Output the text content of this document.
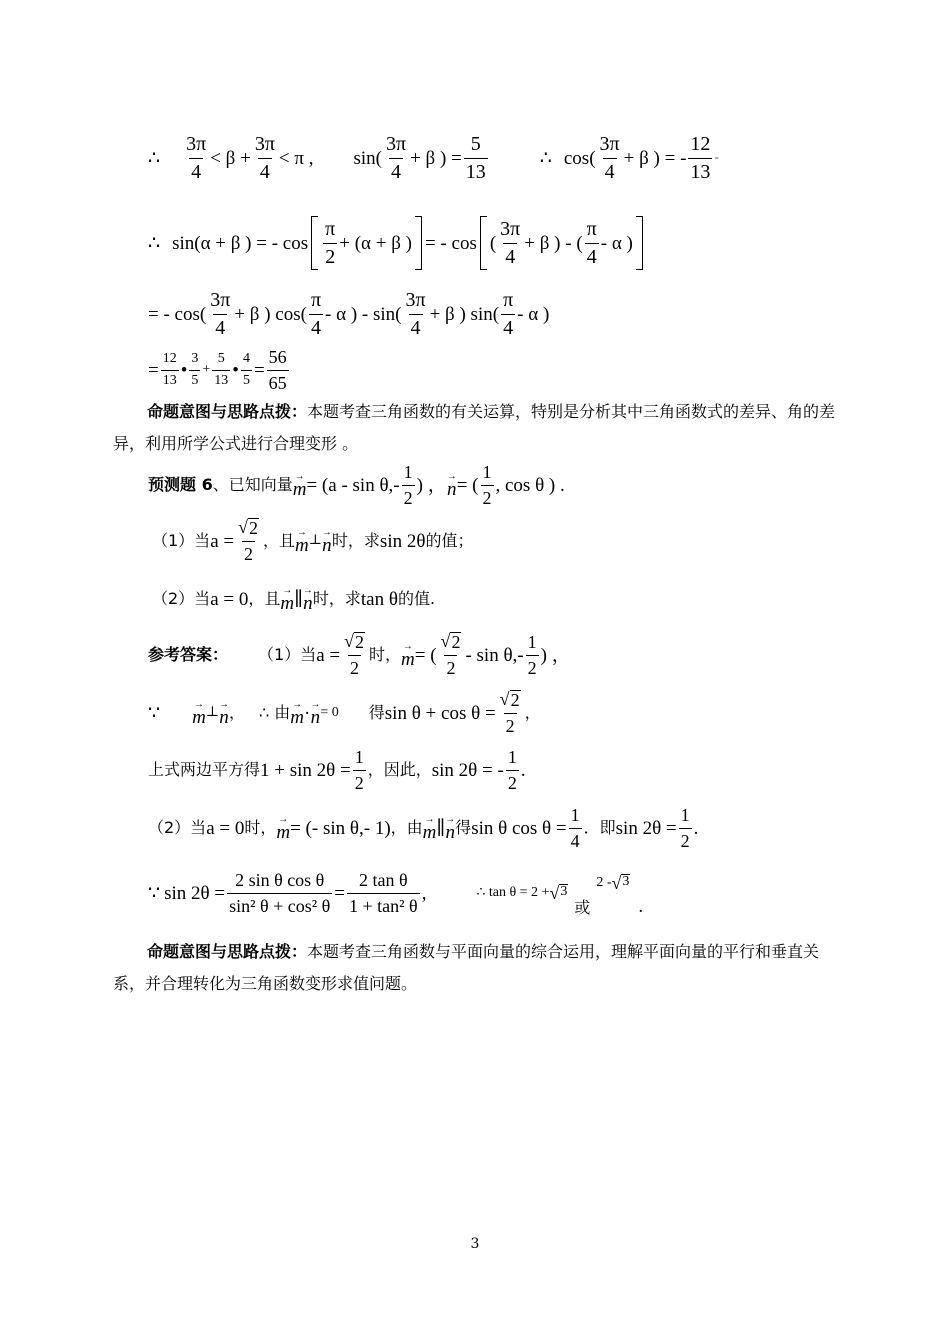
∴ $\frac{3\pi}{4} < \beta + \frac{3\pi}{4} < \pi$ , $\sin( \frac{3\pi}{4} + \beta$ ) = $\frac{5}{13}$	∴ $\cos( \frac{3\pi}{4} + \beta$ ) = - $\frac{12}{13}$ -
∴ sin(α + β ) = - $\cos \frac{\pi}{2} + (\alpha + \beta$ ) = - cos ( $\frac{3\pi}{4} + \beta$ ) - ( $\frac{\pi}{4}$ - α )
= - $\cos( \frac{3\pi}{4} + \beta$ ) $\cos( \frac{\pi}{4}$ - α ) - $\sin( \frac{3\pi}{4} + \beta$ ) $\sin( \frac{\pi}{4}$ - α )
= $\frac{12}{13}$ • $\frac{3}{5} + \frac{5}{13}$ • $\frac{4}{5} = \frac{56}{65}$
命题意图与思路点拨：本题考查三角函数的有关运算，特别是分析其中三角函数式的差异、角的差异，利用所学公式进行合理变形 。
预测题 6 、已知向量 →
$m = (a - \sin \theta,- \frac{1}{2}$ ) ， →
n = ( $\frac{1}{2}$ , cos θ ) .
（1）当 $a = \frac{√ 2}{2}$ ，且 →
m ⊥
→
n 时，求 sin 2θ 的值；
（2）当 a = 0 ，且 →
m ∥ →
n 时，求 tan θ 的值.
参考答案： （1）当 $a = \frac{√ 2}{2}$ 时， →
m = ( $\frac{√ 2}{2}$ - $\sin \theta,- \frac{1}{2}$ ) ，
∵	→
m ⊥
→
n ， ∴ 由 →
m · →
n = 0 得 $\sin \theta + \cos \theta = \frac{√ 2}{2}$ ，
上式两边平方得 $1 + \sin 2\theta = \frac{1}{2}$ ，因此， sin 2θ = - $\frac{1}{2}$ .
（2）当 a = 0 时， →
m = (- sin θ,- 1) ，由 →
m ∥ →
n 得 sin θ $\cos \theta = \frac{1}{4}$ ．即 $\sin 2\theta = \frac{1}{2}$ .
∵ $\sin 2\theta = \frac{\text{2 sin θ cos θ}}{\text{sin² θ + cos² θ}} = \frac{\text{2 tan θ}}{\text{1 + tan² θ}}$ ,	∴ tan θ = 2 + √ 3
或
2 - √ 3
.
命题意图与思路点拨：本题考查三角函数与平面向量的综合运用，理解平面向量的平行和垂直关系，并合理转化为三角函数变形求值问题。
3
